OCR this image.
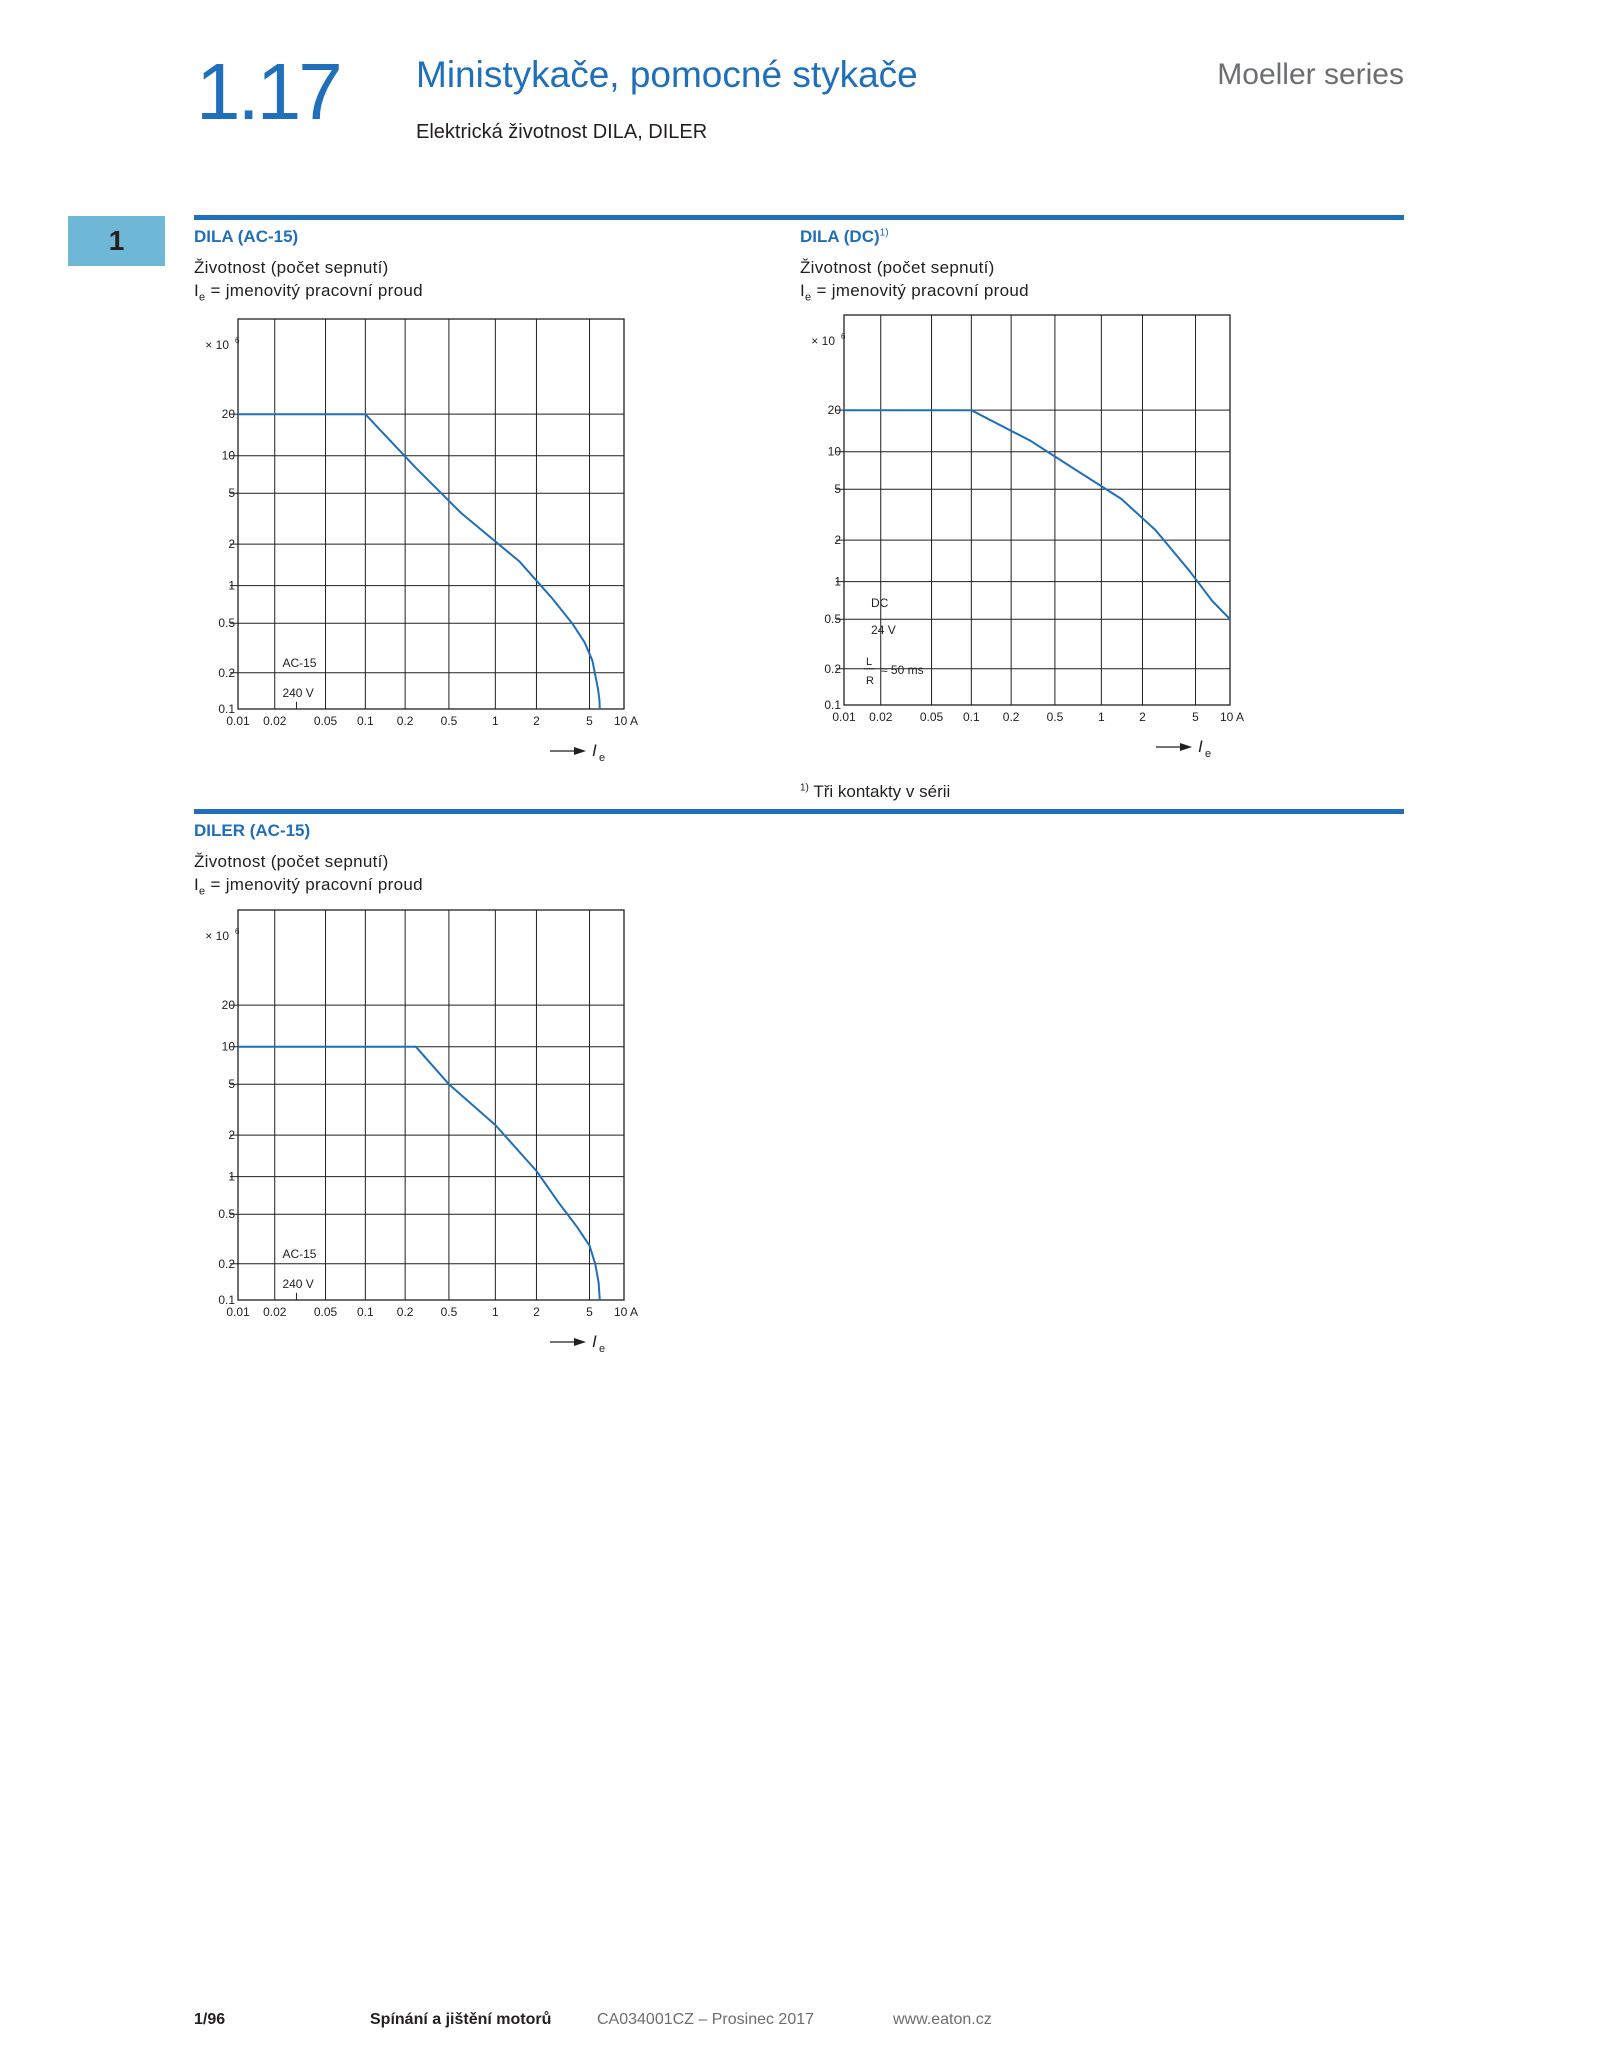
1.17 Ministykače, pomocné stykače
Elektrická životnost DILA, DILER
Moeller series
1	DILA (AC-15)
Životnost (počet sepnutí)
$I_e$ = jmenovitý pracovní proud
DILA (DC)$^{1)}$
Životnost (počet sepnutí)
$I_e$ = jmenovitý pracovní proud
$^{1)}$ Tři kontakty v sérii
DILER (AC-15)
Životnost (počet sepnutí)
$I_e$ = jmenovitý pracovní proud
0.1
0.2
0.5
1
2
5
10
20
× 10 6
0.01 0.02 0.05 0.1 0.2 0.5	1	2	5 10 A
I e
AC-15
240 V
0.1
0.2
0.5
1
2
5
10
20
× 10 6
0.01 0.02 0.05 0.1 0.2 0.5	1	2	5 10 A
I e
DC
24 V
L
R
≈ 50 ms
0.1
0.2
0.5
1
2
5
10
20
× 10 6
0.01 0.02 0.05 0.1 0.2 0.5	1	2	5 10 A
I e
AC-15
240 V
1/96	Spínání a jištění motorů	CA034001CZ – Prosinec 2017	www.eaton.cz
